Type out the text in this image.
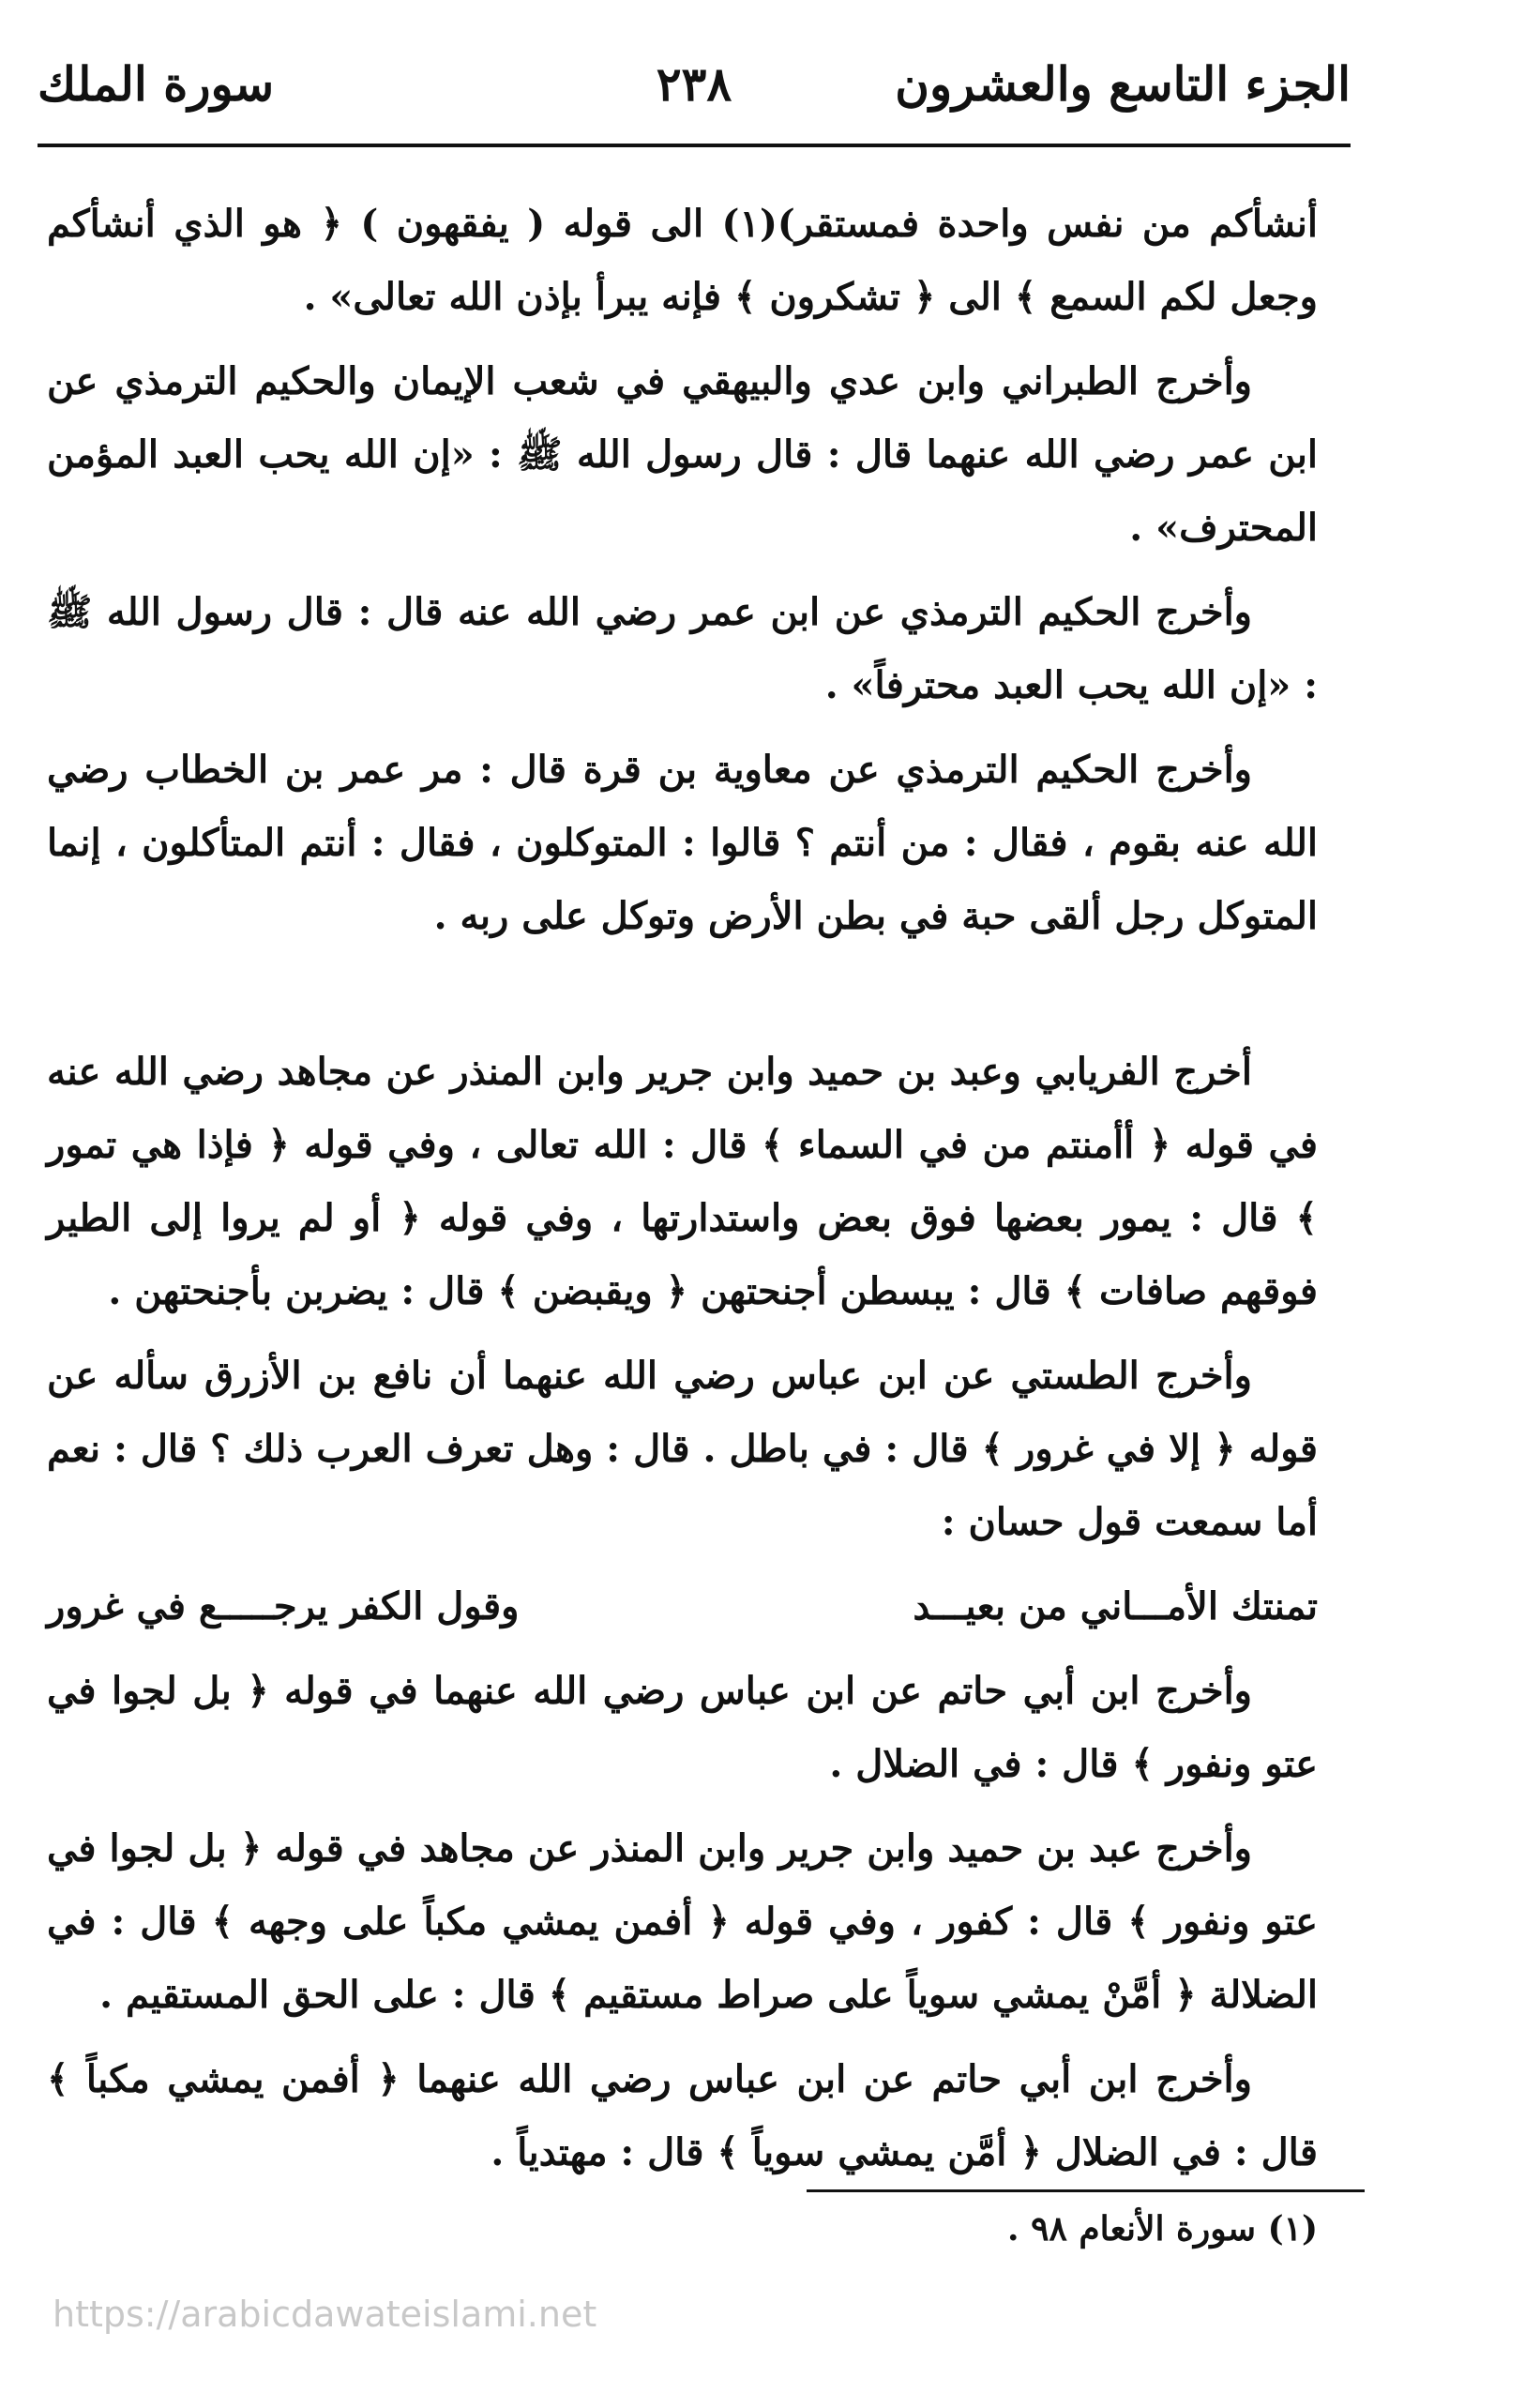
الجزء التاسع والعشرون
٢٣٨
سورة الملك

أنشأكم من نفس واحدة فمستقر)(١) الى قوله ( يفقهون ) ﴿ هو الذي أنشأكم وجعل لكم السمع ﴾ الى ﴿ تشكرون ﴾ فإنه يبرأ بإذن الله تعالى» .

وأخرج الطبراني وابن عدي والبيهقي في شعب الإيمان والحكيم الترمذي عن ابن عمر رضي الله عنهما قال : قال رسول الله ﷺ : «إن الله يحب العبد المؤمن المحترف» .

وأخرج الحكيم الترمذي عن ابن عمر رضي الله عنه قال : قال رسول الله ﷺ : «إن الله يحب العبد محترفاً» .

وأخرج الحكيم الترمذي عن معاوية بن قرة قال : مر عمر بن الخطاب رضي الله عنه بقوم ، فقال : من أنتم ؟ قالوا : المتوكلون ، فقال : أنتم المتأكلون ، إنما المتوكل رجل ألقى حبة في بطن الأرض وتوكل على ربه .

أخرج الفريابي وعبد بن حميد وابن جرير وابن المنذر عن مجاهد رضي الله عنه في قوله ﴿ أأمنتم من في السماء ﴾ قال : الله تعالى ، وفي قوله ﴿ فإذا هي تمور ﴾ قال : يمور بعضها فوق بعض واستدارتها ، وفي قوله ﴿ أو لم يروا إلى الطير فوقهم صافات ﴾ قال : يبسطن أجنحتهن ﴿ ويقبضن ﴾ قال : يضربن بأجنحتهن .

وأخرج الطستي عن ابن عباس رضي الله عنهما أن نافع بن الأزرق سأله عن قوله ﴿ إلا في غرور ﴾ قال : في باطل . قال : وهل تعرف العرب ذلك ؟ قال : نعم أما سمعت قول حسان :

تمنتك الأمـــاني من بعيـــد
وقول الكفر يرجـــــع في غرور

وأخرج ابن أبي حاتم عن ابن عباس رضي الله عنهما في قوله ﴿ بل لجوا في عتو ونفور ﴾ قال : في الضلال .

وأخرج عبد بن حميد وابن جرير وابن المنذر عن مجاهد في قوله ﴿ بل لجوا في عتو ونفور ﴾ قال : كفور ، وفي قوله ﴿ أفمن يمشي مكباً على وجهه ﴾ قال : في الضلالة ﴿ أمَّنْ يمشي سوياً على صراط مستقيم ﴾ قال : على الحق المستقيم .

وأخرج ابن أبي حاتم عن ابن عباس رضي الله عنهما ﴿ أفمن يمشي مكباً ﴾ قال : في الضلال ﴿ أمَّن يمشي سوياً ﴾ قال : مهتدياً .

(١) سورة الأنعام ٩٨ .
https://arabicdawateislami.net
